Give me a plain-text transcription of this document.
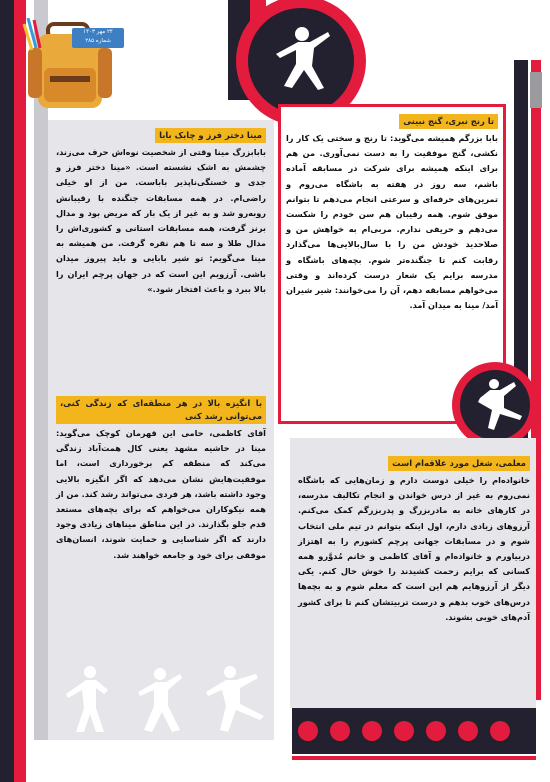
۲۴ مهر ۱۴۰۳
شماره ۲۸۵
تا رنج نبری، گنج نبینی
بابا بزرگم همیشه می‌گوید: تا رنج و سختی یک کار را نکشی، گنج موفقیت را به دست نمی‌آوری. من هم برای اینکه همیشه برای شرکت در مسابقه آماده باشم، سه روز در هفته به باشگاه می‌روم و تمرین‌های حرفه‌ای و سرعتی انجام می‌دهم تا بتوانم موفق شوم. همه رقیبان هم سن خودم را شکست می‌دهم و حریفی ندارم. مربی‌ام به خواهش من و صلاحدید خودش من را با سال‌بالایی‌ها می‌گذارد رقابت کنم تا جنگنده‌تر شوم. بچه‌های باشگاه و مدرسه برایم یک شعار درست کرده‌اند و وقتی می‌خواهم مسابقه دهم، آن را می‌خوانند: شیر شیران آمد/ مینا به میدان آمد.
مینا دختر فرز و چابک بابا
بابابزرگ مینا وقتی از شخصیت نوه‌اش حرف می‌زند، چشمش به اشک نشسته است. «مینا دختر فرز و جدی و خستگی‌ناپذیر باباست. من از او خیلی راضی‌ام. در همه مسابقات جنگنده با رقیبانش روبه‌رو شد و به غیر از یک بار که مریض بود و مدال برنز گرفت، همه مسابقات استانی و کشوری‌اش را مدال طلا و سه تا هم نقره گرفت. من همیشه به مینا می‌گویم: تو شیر بابایی و باید پیروز میدان باشی. آرزویم این است که در جهان پرچم ایران را بالا ببرد و باعث افتخار شود.»
با انگیزه بالا در هر منطقه‌ای که زندگی کنی، می‌توانی رشد کنی
آقای کاظمی، حامی این قهرمان کوچک می‌گوید: مینا در حاشیه مشهد یعنی کال همت‌آباد زندگی می‌کند که منطقه کم برخورداری است، اما موفقیت‌هایش نشان می‌دهد که اگر انگیزه بالایی وجود داشته باشد، هر فردی می‌تواند رشد کند. من از همه نیکوکاران می‌خواهم که برای بچه‌های مستعد قدم جلو بگذارند. در این مناطق میناهای زیادی وجود دارند که اگر شناسایی و حمایت شوند، انسان‌های موفقی برای خود و جامعه خواهند شد.
معلمی، شغل مورد علاقه‌ام است
خانواده‌ام را خیلی دوست دارم و زمان‌هایی که باشگاه نمی‌روم به غیر از درس خواندن و انجام تکالیف مدرسه، در کارهای خانه به مادربزرگ و پدربزرگم کمک می‌کنم. آرزوهای زیادی دارم، اول اینکه بتوانم در تیم ملی انتخاب شوم و در مسابقات جهانی پرچم کشورم را به اهتزاز دربیاورم و خانواده‌ام و آقای کاظمی و خانم مُدوَّرو همه کسانی که برایم زحمت کشیدند را خوش حال کنم. یکی دیگر از آرزوهایم هم این است که معلم شوم و به بچه‌ها درس‌های خوب بدهم و درست تربیتشان کنم تا برای کشور آدم‌های خوبی بشوند.
